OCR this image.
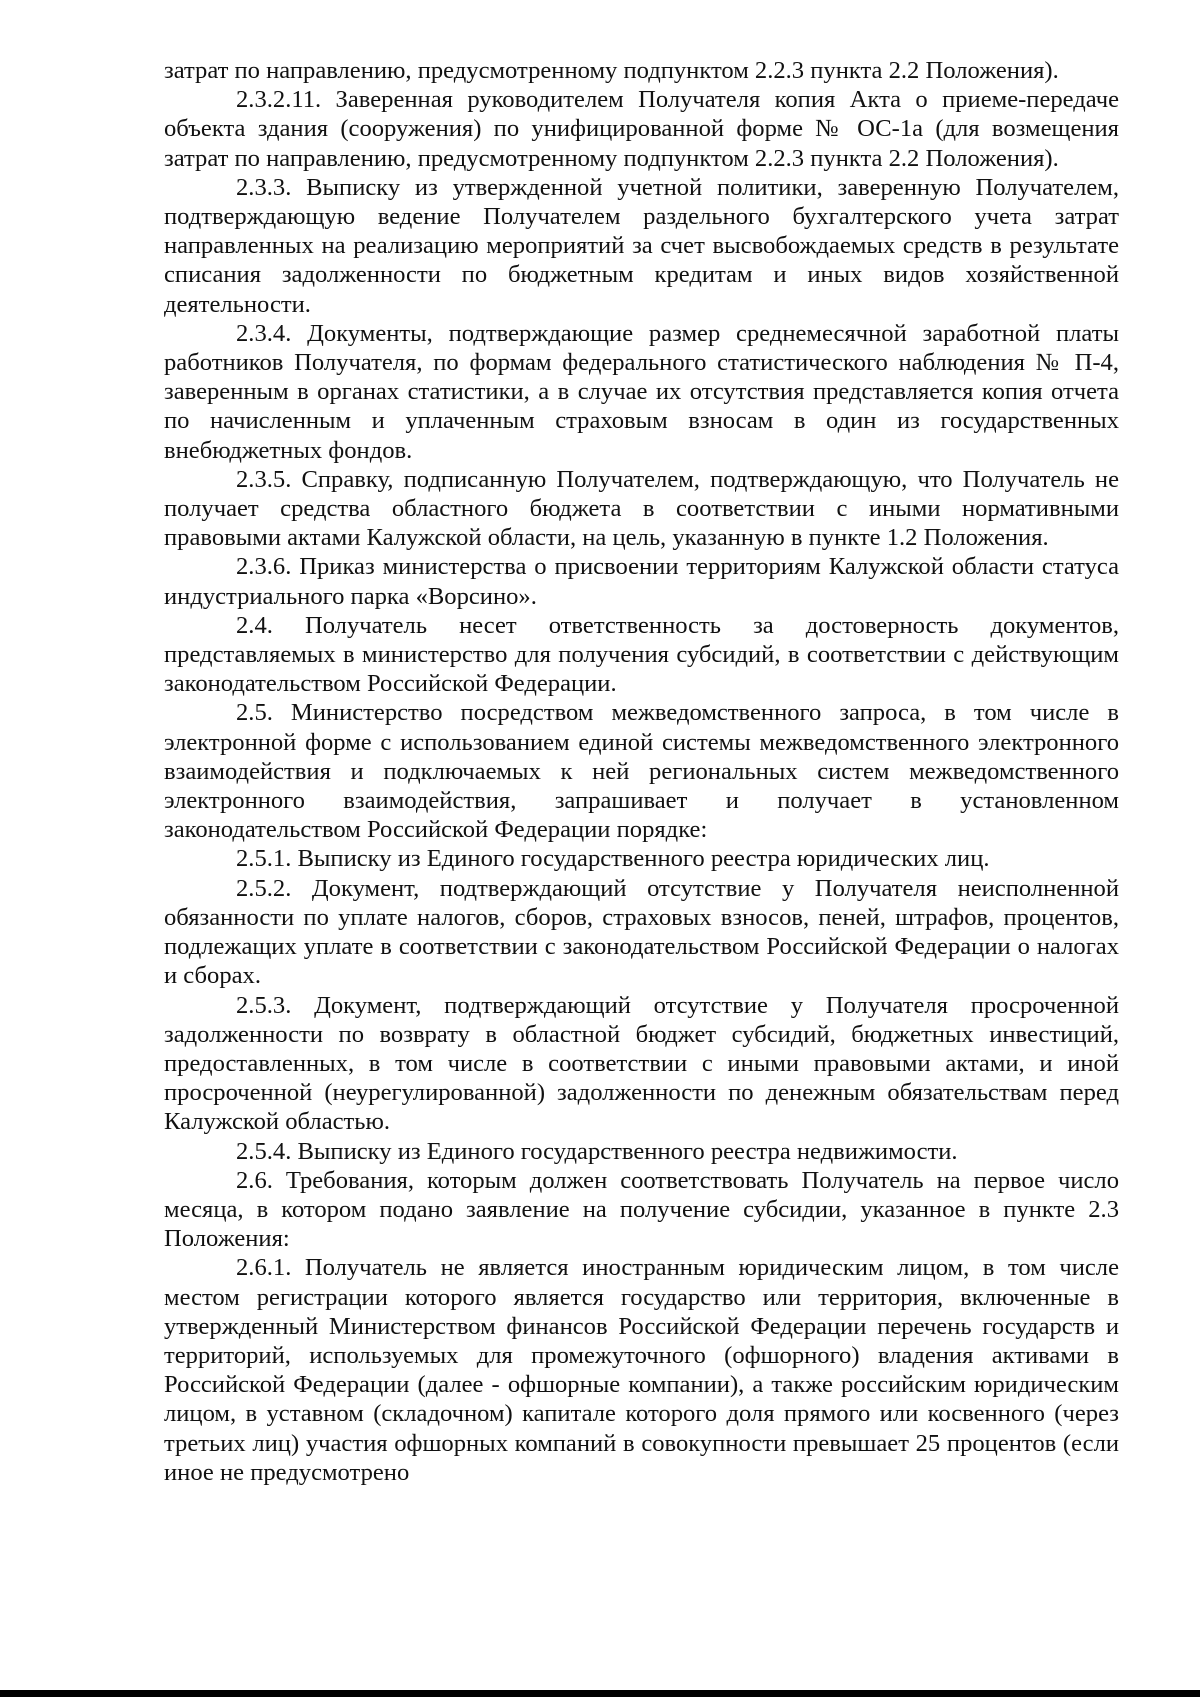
затрат по направлению, предусмотренному подпунктом 2.2.3 пункта 2.2 Положения).

2.3.2.11. Заверенная руководителем Получателя копия Акта о приеме-передаче объекта здания (сооружения) по унифицированной форме № ОС-1а (для возмещения затрат по направлению, предусмотренному подпунктом 2.2.3 пункта 2.2 Положения).

2.3.3. Выписку из утвержденной учетной политики, заверенную Получателем, подтверждающую ведение Получателем раздельного бухгалтерского учета затрат направленных на реализацию мероприятий за счет высвобождаемых средств в результате списания задолженности по бюджетным кредитам и иных видов хозяйственной деятельности.

2.3.4. Документы, подтверждающие размер среднемесячной заработной платы работников Получателя, по формам федерального статистического наблюдения № П-4, заверенным в органах статистики, а в случае их отсутствия представляется копия отчета по начисленным и уплаченным страховым взносам в один из государственных внебюджетных фондов.

2.3.5. Справку, подписанную Получателем, подтверждающую, что Получатель не получает средства областного бюджета в соответствии с иными нормативными правовыми актами Калужской области, на цель, указанную в пункте 1.2 Положения.

2.3.6. Приказ министерства о присвоении территориям Калужской области статуса индустриального парка «Ворсино».

2.4. Получатель несет ответственность за достоверность документов, представляемых в министерство для получения субсидий, в соответствии с действующим законодательством Российской Федерации.

2.5. Министерство посредством межведомственного запроса, в том числе в электронной форме с использованием единой системы межведомственного электронного взаимодействия и подключаемых к ней региональных систем межведомственного электронного взаимодействия, запрашивает и получает в установленном законодательством Российской Федерации порядке:

2.5.1. Выписку из Единого государственного реестра юридических лиц.

2.5.2. Документ, подтверждающий отсутствие у Получателя неисполненной обязанности по уплате налогов, сборов, страховых взносов, пеней, штрафов, процентов, подлежащих уплате в соответствии с законодательством Российской Федерации о налогах и сборах.

2.5.3. Документ, подтверждающий отсутствие у Получателя просроченной задолженности по возврату в областной бюджет субсидий, бюджетных инвестиций, предоставленных, в том числе в соответствии с иными правовыми актами, и иной просроченной (неурегулированной) задолженности по денежным обязательствам перед Калужской областью.

2.5.4. Выписку из Единого государственного реестра недвижимости.

2.6. Требования, которым должен соответствовать Получатель на первое число месяца, в котором подано заявление на получение субсидии, указанное в пункте 2.3 Положения:

2.6.1. Получатель не является иностранным юридическим лицом, в том числе местом регистрации которого является государство или территория, включенные в утвержденный Министерством финансов Российской Федерации перечень государств и территорий, используемых для промежуточного (офшорного) владения активами в Российской Федерации (далее - офшорные компании), а также российским юридическим лицом, в уставном (складочном) капитале которого доля прямого или косвенного (через третьих лиц) участия офшорных компаний в совокупности превышает 25 процентов (если иное не предусмотрено
